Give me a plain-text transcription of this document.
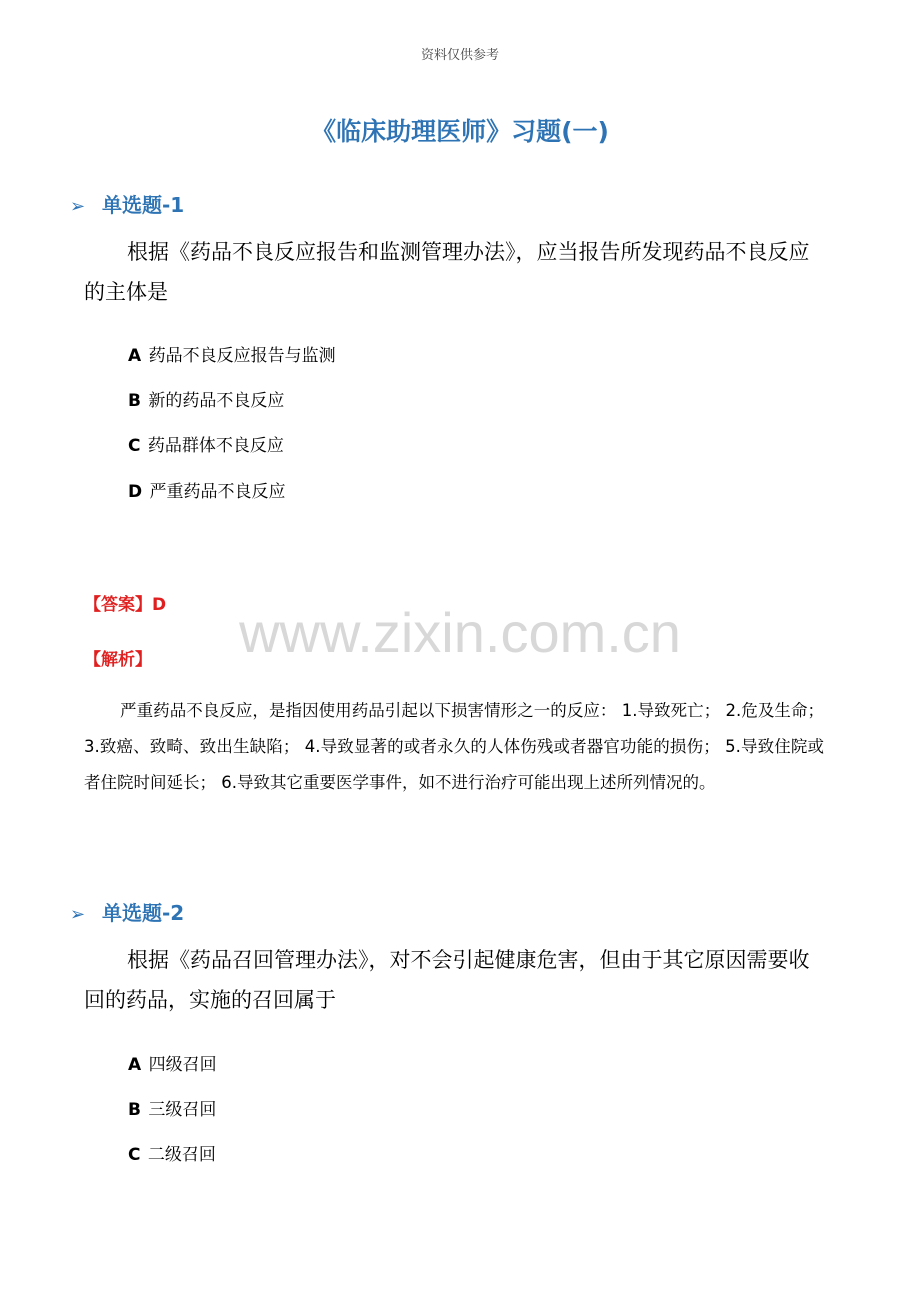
资料仅供参考
《临床助理医师》习题(一)
➢ 单选题-1
根据《药品不良反应报告和监测管理办法》，应当报告所发现药品不良反应的主体是
A 药品不良反应报告与监测
B 新的药品不良反应
C 药品群体不良反应
D 严重药品不良反应
【答案】D	www.zixin.com.cn
【解析】
严重药品不良反应，是指因使用药品引起以下损害情形之一的反应： 1.导致死亡； 2.危及生命； 3.致癌、致畸、致出生缺陷； 4.导致显著的或者永久的人体伤残或者器官功能的损伤； 5.导致住院或者住院时间延长； 6.导致其它重要医学事件，如不进行治疗可能出现上述所列情况的。
➢ 单选题-2
根据《药品召回管理办法》，对不会引起健康危害，但由于其它原因需要收回的药品，实施的召回属于
A 四级召回
B 三级召回
C 二级召回
